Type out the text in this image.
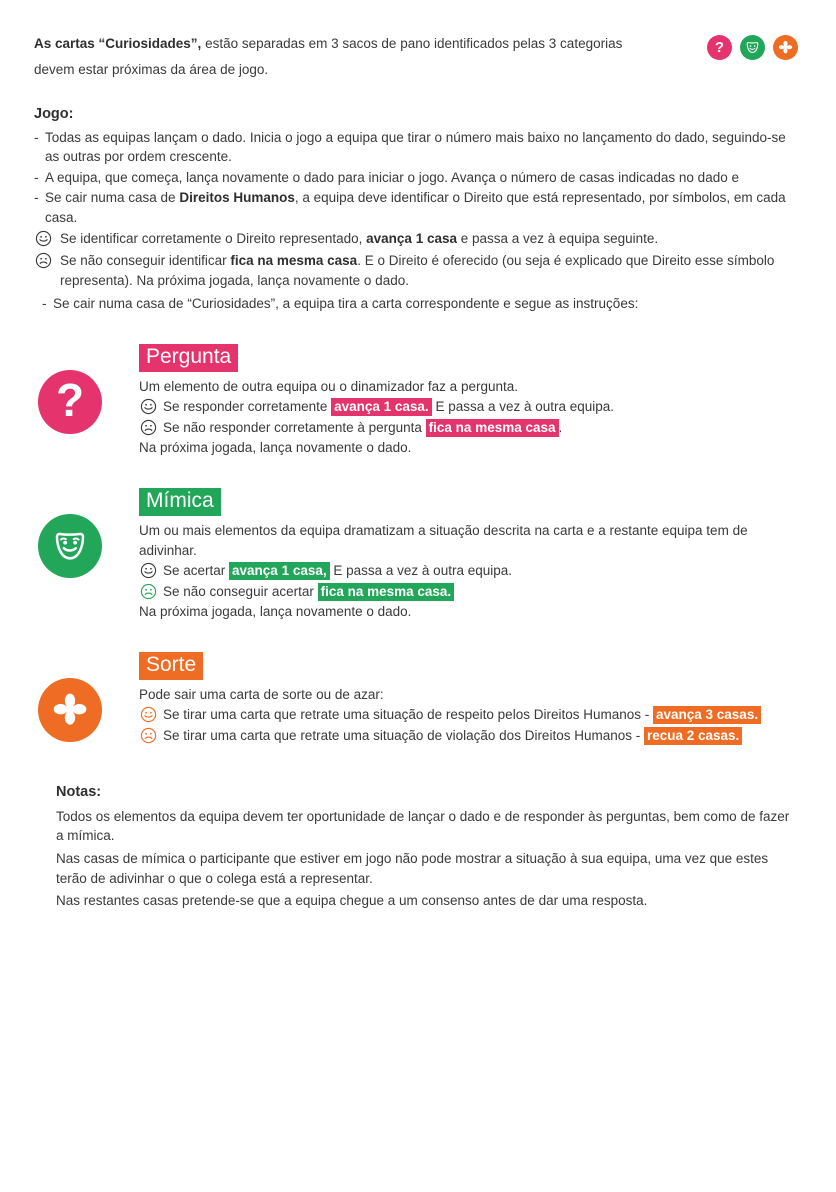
As cartas “Curiosidades”, estão separadas em 3 sacos de pano identificados pelas 3 categorias	?
devem estar próximas da área de jogo.
Jogo:
- Todas as equipas lançam o dado. Inicia o jogo a equipa que tirar o número mais baixo no lançamento do dado, seguindo-se as outras por ordem crescente.
- A equipa, que começa, lança novamente o dado para iniciar o jogo. Avança o número de casas indicadas no dado e
- Se cair numa casa de Direitos Humanos, a equipa deve identificar o Direito que está representado, por símbolos, em cada casa.
Se identificar corretamente o Direito representado, avança 1 casa e passa a vez à equipa seguinte.
Se não conseguir identificar fica na mesma casa. E o Direito é oferecido (ou seja é explicado que Direito esse símbolo representa). Na próxima jogada, lança novamente o dado.
- Se cair numa casa de “Curiosidades”, a equipa tira a carta correspondente e segue as instruções:
?
Pergunta
Um elemento de outra equipa ou o dinamizador faz a pergunta.
Se responder corretamente avança 1 casa. E passa a vez à outra equipa.
Se não responder corretamente à pergunta fica na mesma casa .
Na próxima jogada, lança novamente o dado.
Mímica
Um ou mais elementos da equipa dramatizam a situação descrita na carta e a restante equipa tem de adivinhar.
Se acertar avança 1 casa, E passa a vez à outra equipa.
Se não conseguir acertar fica na mesma casa.
Na próxima jogada, lança novamente o dado.
Sorte
Pode sair uma carta de sorte ou de azar:
Se tirar uma carta que retrate uma situação de respeito pelos Direitos Humanos - avança 3 casas.
Se tirar uma carta que retrate uma situação de violação dos Direitos Humanos - recua 2 casas.
Notas:

Todos os elementos da equipa devem ter oportunidade de lançar o dado e de responder às perguntas, bem como de fazer a mímica.

Nas casas de mímica o participante que estiver em jogo não pode mostrar a situação à sua equipa, uma vez que estes terão de adivinhar o que o colega está a representar.

Nas restantes casas pretende-se que a equipa chegue a um consenso antes de dar uma resposta.
